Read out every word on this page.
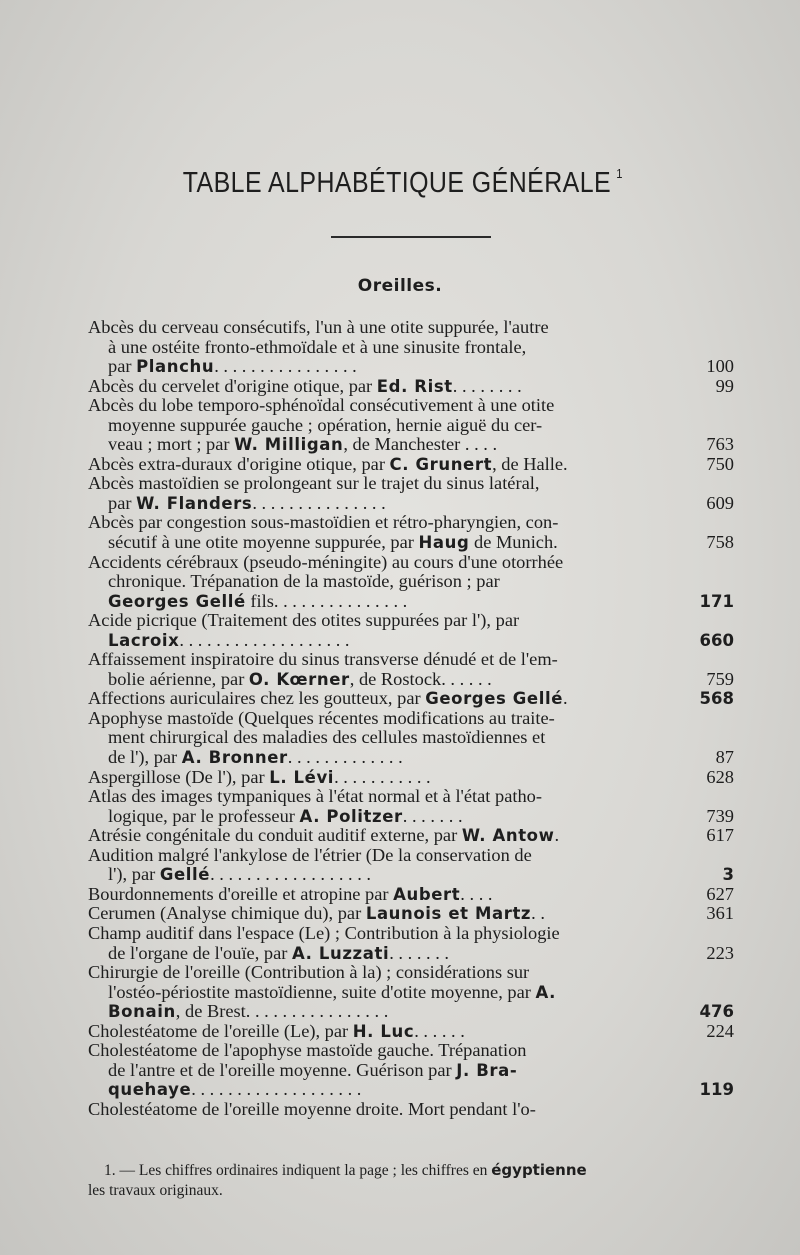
TABLE ALPHABÉTIQUE GÉNÉRALE $^1$
Oreilles.
Abcès du cerveau consécutifs, l'un à une otite suppurée, l'autre
à une ostéite fronto-ethmoïdale et à une sinusite frontale,
par Planchu. . . . . . . . . . . . . . . .	100
Abcès du cervelet d'origine otique, par Ed. Rist. . . . . . . .	99
Abcès du lobe temporo-sphénoïdal consécutivement à une otite
moyenne suppurée gauche ; opération, hernie aiguë du cer-
veau ; mort ; par W. Milligan, de Manchester . . . .	763
Abcès extra-duraux d'origine otique, par C. Grunert, de Halle.	750
Abcès mastoïdien se prolongeant sur le trajet du sinus latéral,
par W. Flanders. . . . . . . . . . . . . . .	609
Abcès par congestion sous-mastoïdien et rétro-pharyngien, con-
sécutif à une otite moyenne suppurée, par Haug de Munich.	758
Accidents cérébraux (pseudo-méningite) au cours d'une otorrhée
chronique. Trépanation de la mastoïde, guérison ; par
Georges Gellé fils. . . . . . . . . . . . . . .	171
Acide picrique (Traitement des otites suppurées par l'), par
Lacroix. . . . . . . . . . . . . . . . . . .	660
Affaissement inspiratoire du sinus transverse dénudé et de l'em-
bolie aérienne, par O. Kœrner, de Rostock. . . . . .	759
Affections auriculaires chez les goutteux, par Georges Gellé.	568
Apophyse mastoïde (Quelques récentes modifications au traite-
ment chirurgical des maladies des cellules mastoïdiennes et
de l'), par A. Bronner. . . . . . . . . . . . .	87
Aspergillose (De l'), par L. Lévi. . . . . . . . . . .	628
Atlas des images tympaniques à l'état normal et à l'état patho-
logique, par le professeur A. Politzer. . . . . . .	739
Atrésie congénitale du conduit auditif externe, par W. Antow.	617
Audition malgré l'ankylose de l'étrier (De la conservation de
l'), par Gellé. . . . . . . . . . . . . . . . . .	3
Bourdonnements d'oreille et atropine par Aubert. . . .	627
Cerumen (Analyse chimique du), par Launois et Martz. .	361
Champ auditif dans l'espace (Le) ; Contribution à la physiologie
de l'organe de l'ouïe, par A. Luzzati. . . . . . .	223
Chirurgie de l'oreille (Contribution à la) ; considérations sur
l'ostéo-périostite mastoïdienne, suite d'otite moyenne, par A.
Bonain, de Brest. . . . . . . . . . . . . . . .	476
Cholestéatome de l'oreille (Le), par H. Luc. . . . . .	224
Cholestéatome de l'apophyse mastoïde gauche. Trépanation
de l'antre et de l'oreille moyenne. Guérison par J. Bra-
quehaye. . . . . . . . . . . . . . . . . . .	119
Cholestéatome de l'oreille moyenne droite. Mort pendant l'o-
1. — Les chiffres ordinaires indiquent la page ; les chiffres en égyptienne
les travaux originaux.
